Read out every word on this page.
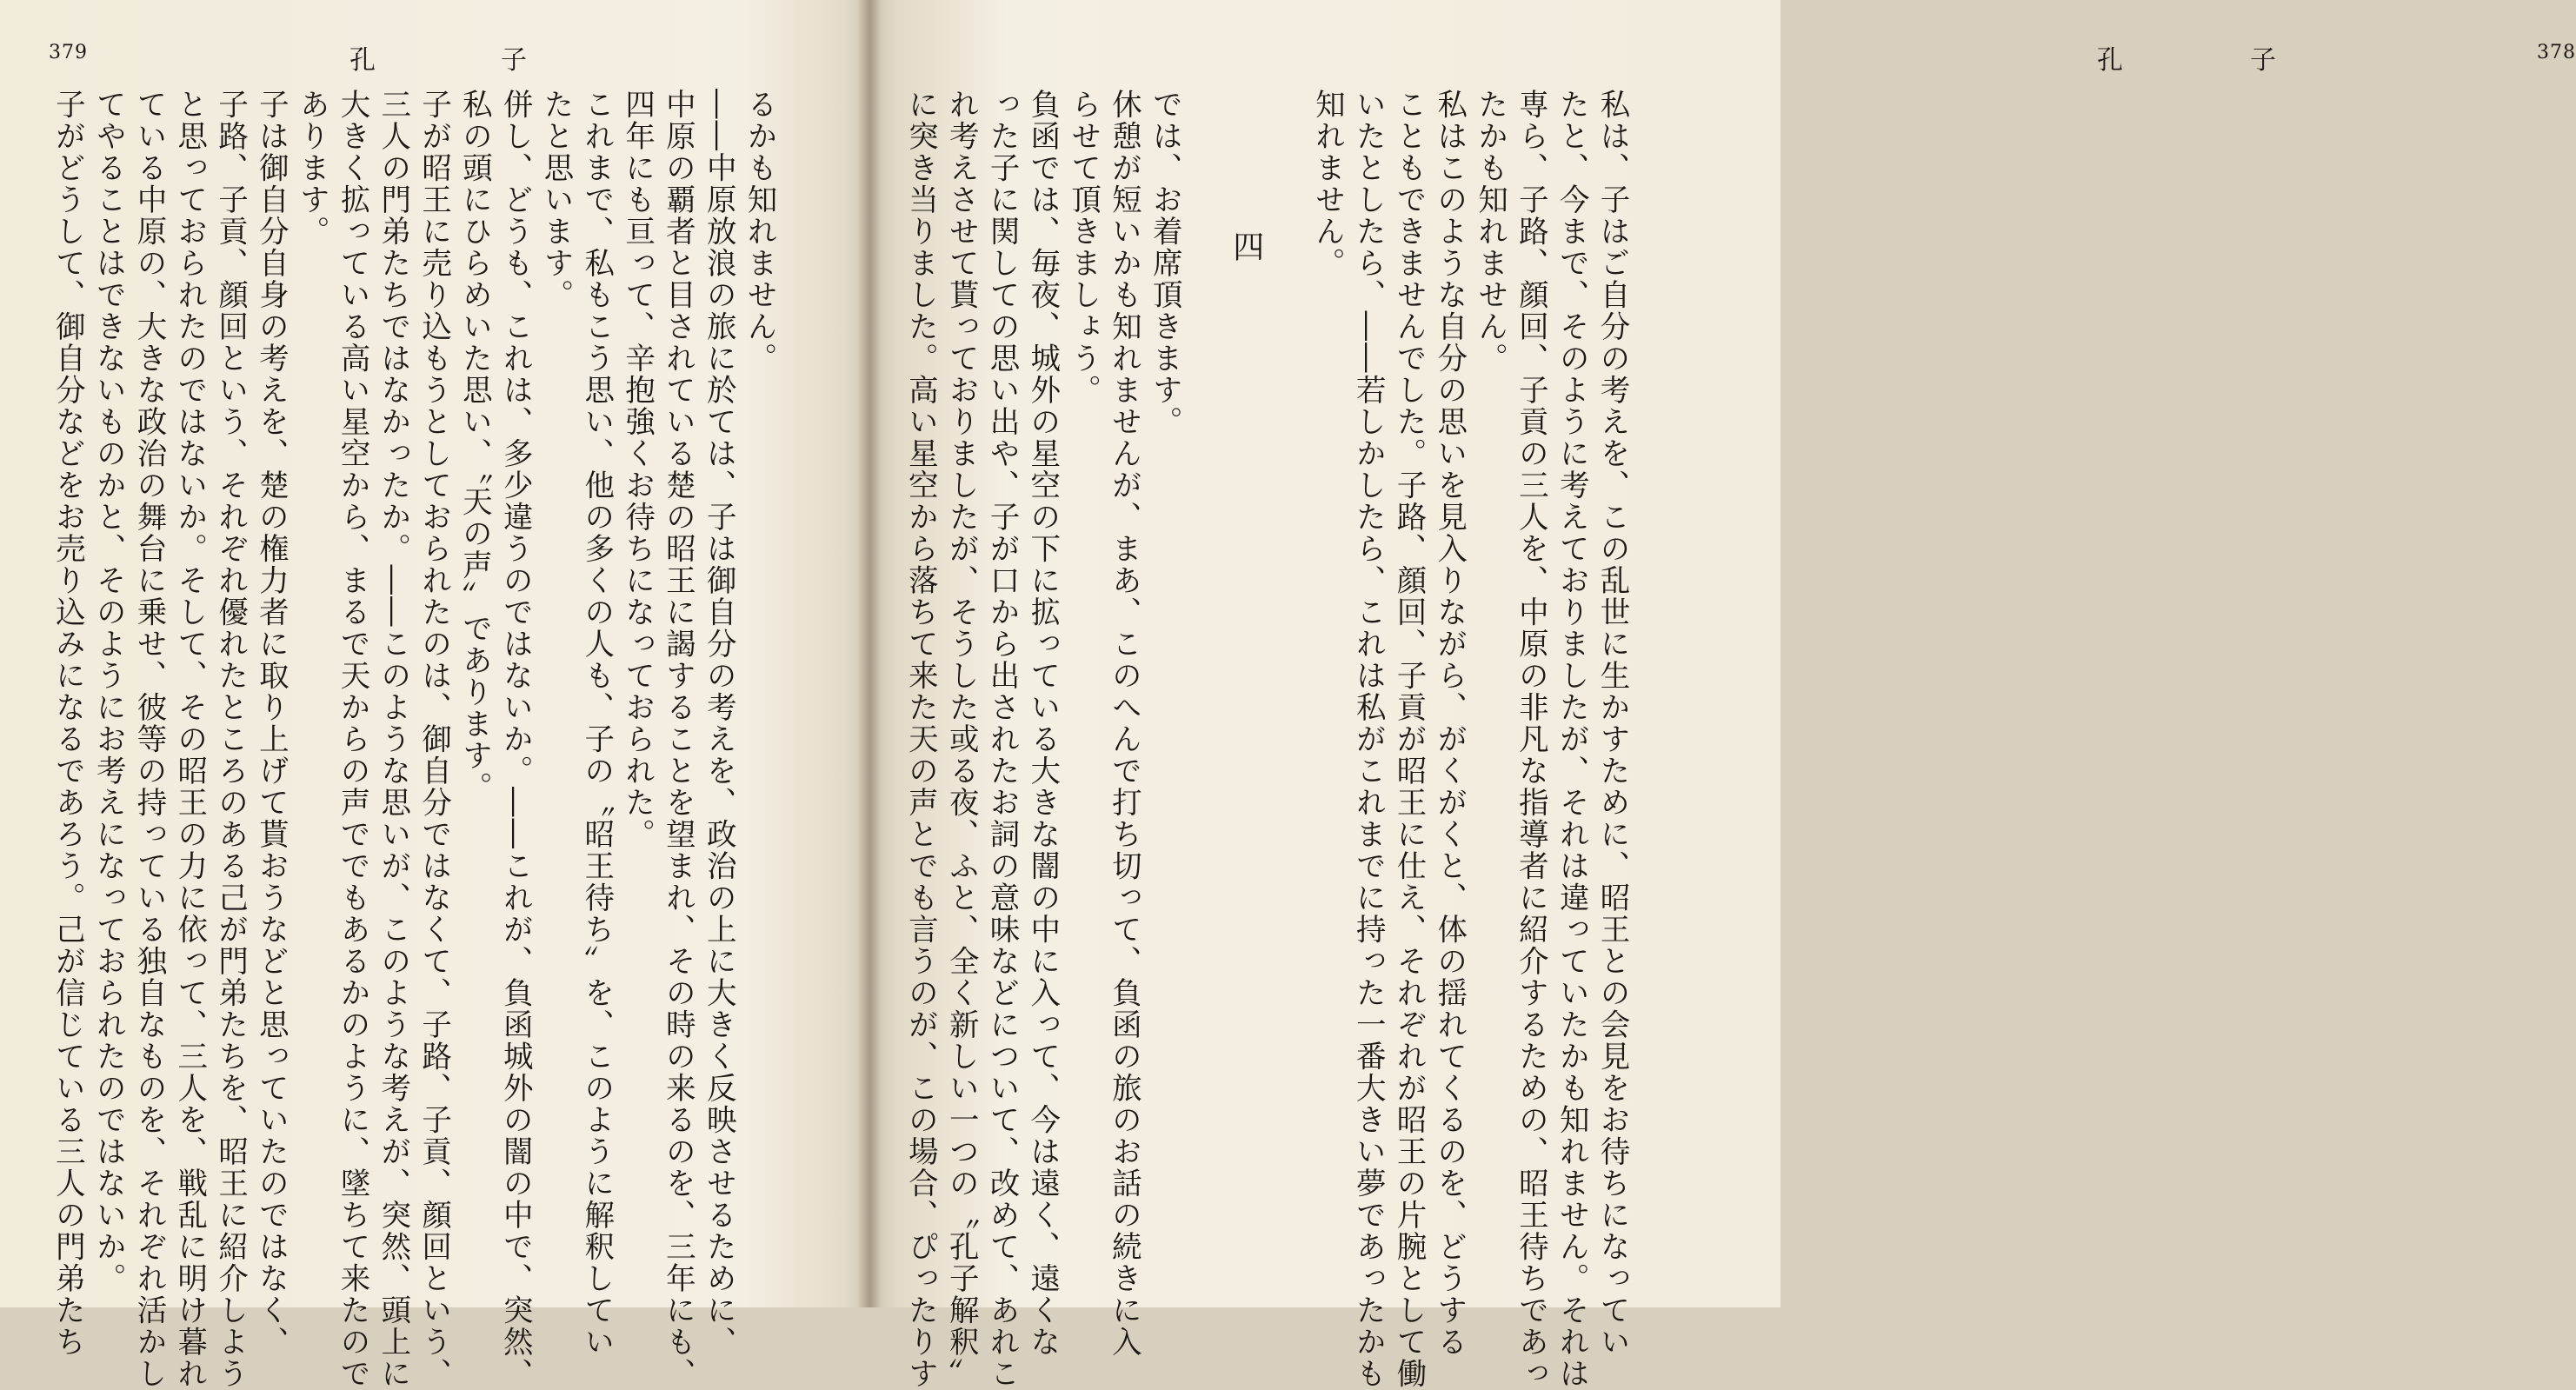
379	孔	子	378
孔	子
るかも知れません。
――中原放浪の旅に於ては、子は御自分の考えを、政治の上に大きく反映させるために、
中原の覇者と目されている楚の昭王に謁することを望まれ、その時の来るのを、三年にも、
四年にも亘って、辛抱強くお待ちになっておられた。
これまで、私もこう思い、他の多くの人も、子の〝昭王待ち〟を、このように解釈してい
たと思います。
併し、どうも、これは、多少違うのではないか。――これが、負函城外の闇の中で、突然、
私の頭にひらめいた思い、〝天の声〟であります。
子が昭王に売り込もうとしておられたのは、御自分ではなくて、子路、子貢、顔回という、
三人の門弟たちではなかったか。――このような思いが、このような考えが、突然、頭上に
大きく拡っている高い星空から、まるで天からの声ででもあるかのように、墜ちて来たので
あります。
子は御自分自身の考えを、楚の権力者に取り上げて貰おうなどと思っていたのではなく、
子路、子貢、顔回という、それぞれ優れたところのある己が門弟たちを、昭王に紹介しよう
と思っておられたのではないか。そして、その昭王の力に依って、三人を、戦乱に明け暮れ
ている中原の、大きな政治の舞台に乗せ、彼等の持っている独自なものを、それぞれ活かし
てやることはできないものかと、そのようにお考えになっておられたのではないか。
子がどうして、御自分などをお売り込みになるであろう。己が信じている三人の門弟たち	私は、子はご自分の考えを、この乱世に生かすために、昭王との会見をお待ちになってい
たと、今まで、そのように考えておりましたが、それは違っていたかも知れません。それは
専ら、子路、顔回、子貢の三人を、中原の非凡な指導者に紹介するための、昭王待ちであっ
たかも知れません。
私はこのような自分の思いを見入りながら、がくがくと、体の揺れてくるのを、どうする
こともできませんでした。子路、顔回、子貢が昭王に仕え、それぞれが昭王の片腕として働
いたとしたら、――若しかしたら、これは私がこれまでに持った一番大きい夢であったかも
知れません。
四
では、お着席頂きます。
休憩が短いかも知れませんが、まあ、このへんで打ち切って、負函の旅のお話の続きに入
らせて頂きましょう。
負函では、毎夜、城外の星空の下に拡っている大きな闇の中に入って、今は遠く、遠くな
った子に関しての思い出や、子が口から出されたお詞の意味などについて、改めて、あれこ
れ考えさせて貰っておりましたが、そうした或る夜、ふと、全く新しい一つの〝孔子解釈〟
に突き当りました。高い星空から落ちて来た天の声とでも言うのが、この場合、ぴったりす
